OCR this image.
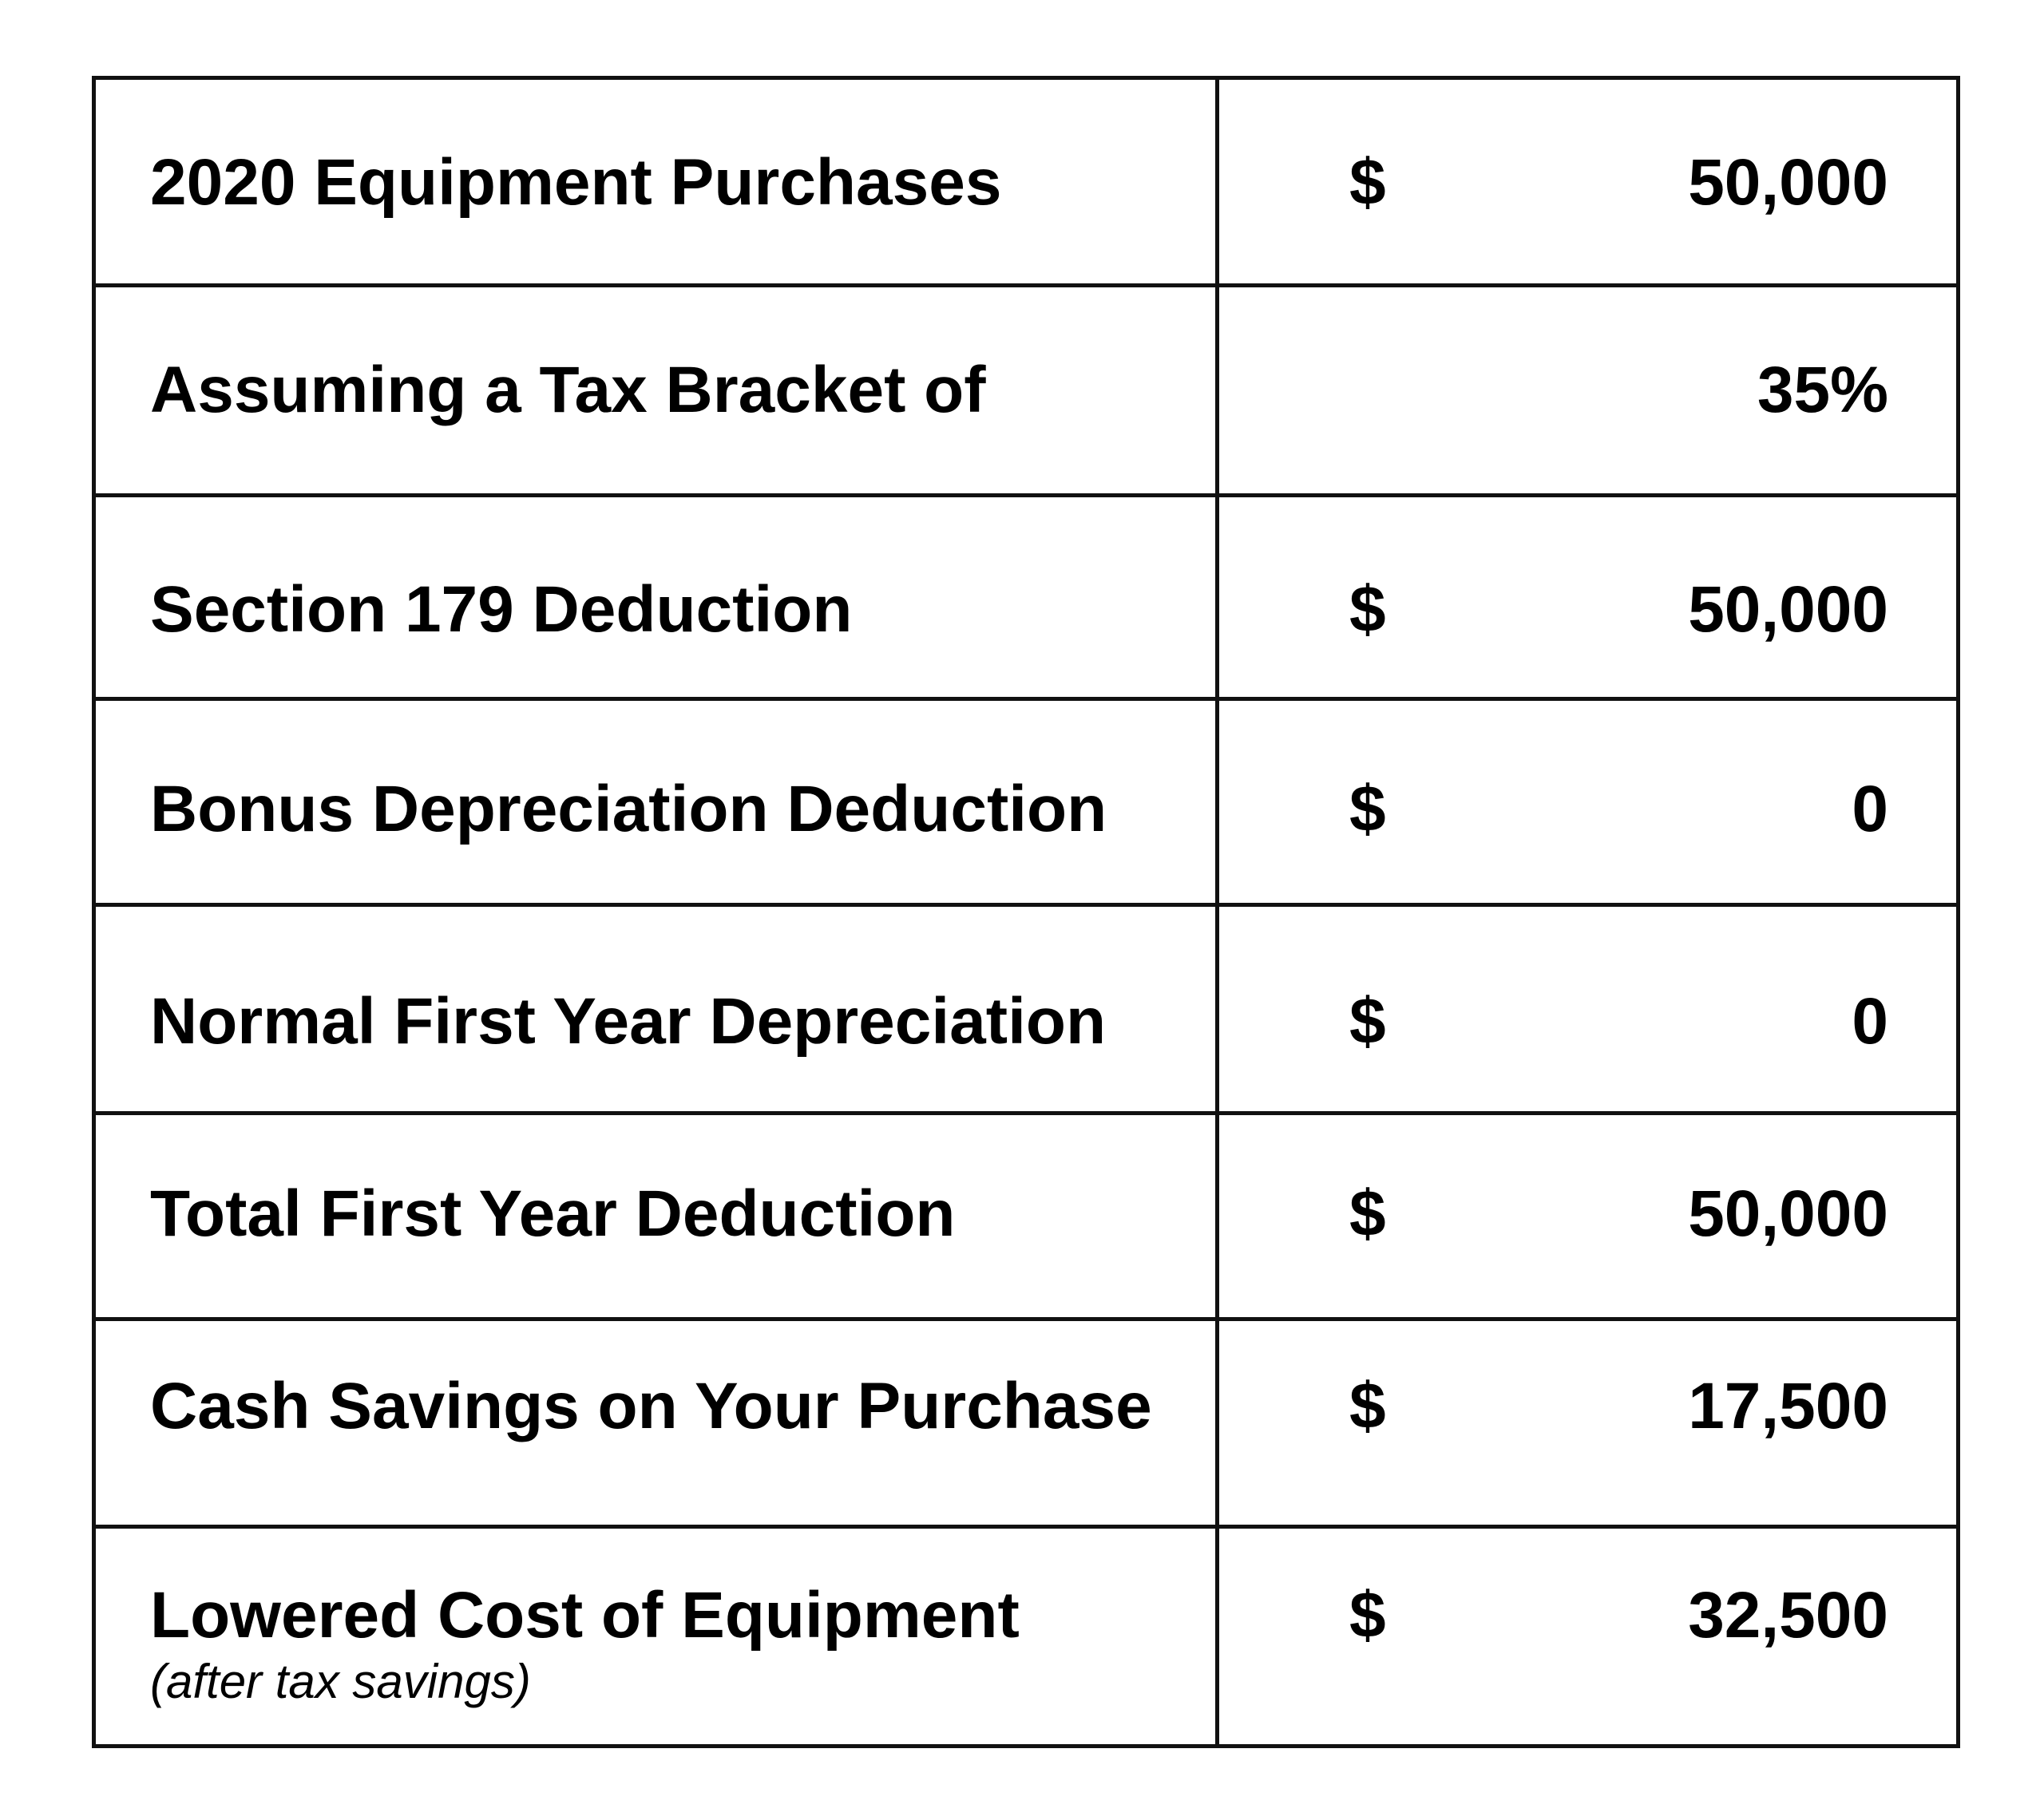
2020 Equipment Purchases	$	50,000
Assuming a Tax Bracket of	35%
Section 179 Deduction	$	50,000
Bonus Depreciation Deduction	$	0
Normal First Year Depreciation	$	0
Total First Year Deduction	$	50,000
Cash Savings on Your Purchase	$	17,500
Lowered Cost of Equipment
(after tax savings)
$	32,500
